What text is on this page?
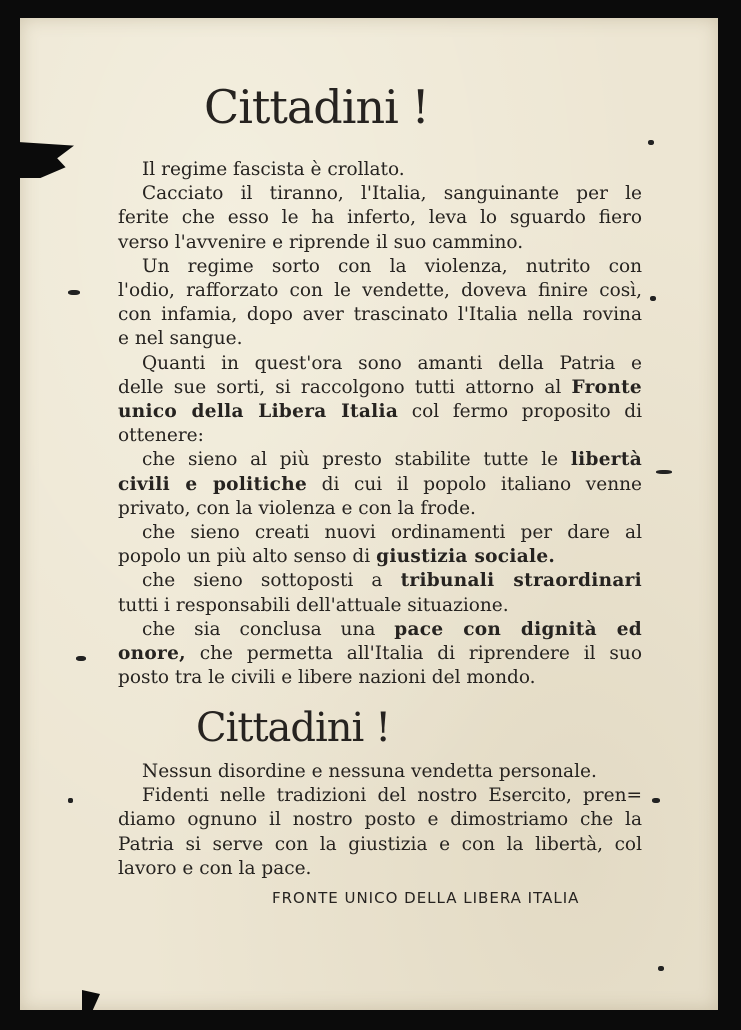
Cittadini !
Il regime fascista è crollato.
Cacciato il tiranno, l'Italia, sanguinante per le
ferite che esso le ha inferto, leva lo sguardo fiero
verso l'avvenire e riprende il suo cammino.
Un regime sorto con la violenza, nutrito con
l'odio, rafforzato con le vendette, doveva finire così,
con infamia, dopo aver trascinato l'Italia nella rovina
e nel sangue.
Quanti in quest'ora sono amanti della Patria e
delle sue sorti, si raccolgono tutti attorno al Fronte
unico della Libera Italia col fermo proposito di
ottenere:
che sieno al più presto stabilite tutte le libertà
civili e politiche di cui il popolo italiano venne
privato, con la violenza e con la frode.
che sieno creati nuovi ordinamenti per dare al
popolo un più alto senso di giustizia sociale.
che sieno sottoposti a tribunali straordinari
tutti i responsabili dell'attuale situazione.
che sia conclusa una pace con dignità ed
onore, che permetta all'Italia di riprendere il suo
posto tra le civili e libere nazioni del mondo.
Cittadini !
Nessun disordine e nessuna vendetta personale.
Fidenti nelle tradizioni del nostro Esercito, pren=
diamo ognuno il nostro posto e dimostriamo che la
Patria si serve con la giustizia e con la libertà, col
lavoro e con la pace.
FRONTE UNICO DELLA LIBERA ITALIA
